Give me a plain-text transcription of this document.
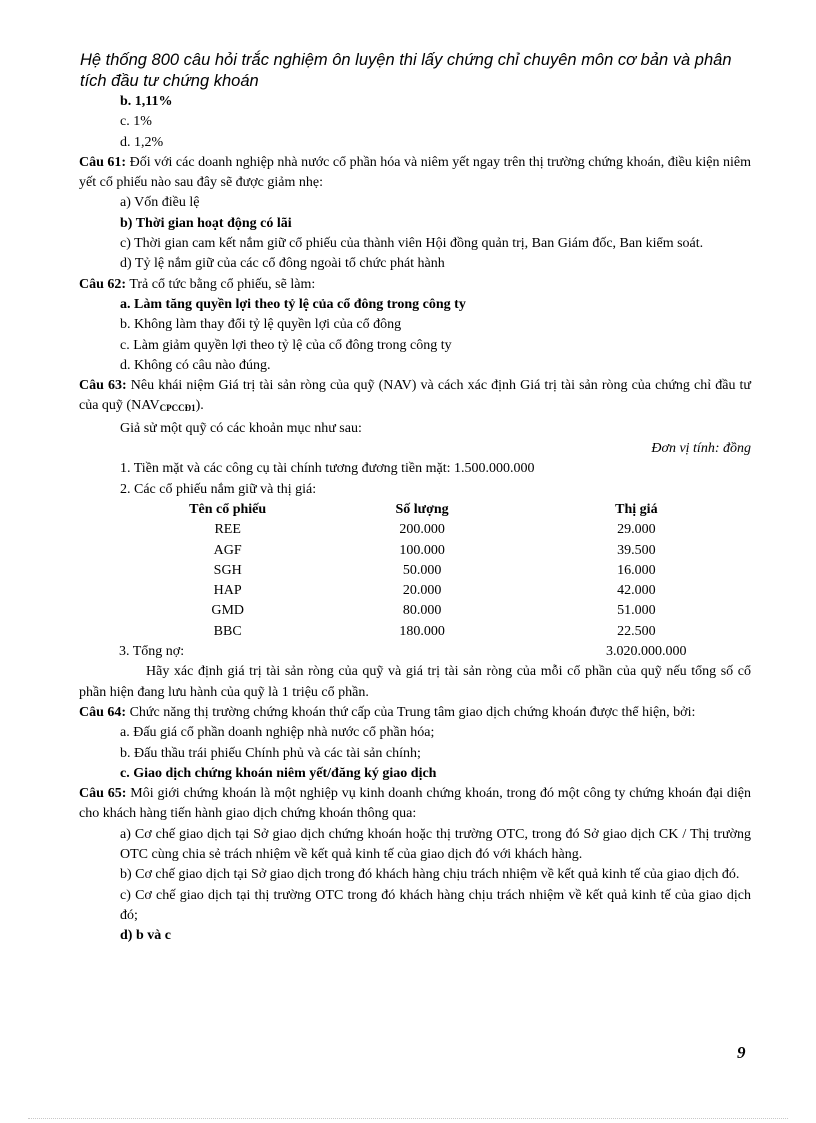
Hệ thống 800 câu hỏi trắc nghiệm ôn luyện thi lấy chứng chỉ chuyên môn cơ bản và phân tích đầu tư chứng khoán
b. 1,11%
c. 1%
d. 1,2%
Câu 61: Đối với các doanh nghiệp nhà nước cổ phần hóa và niêm yết ngay trên thị trường chứng khoán, điều kiện niêm yết cổ phiếu nào sau đây sẽ được giảm nhẹ:
a) Vốn điều lệ
b) Thời gian hoạt động có lãi
c) Thời gian cam kết nắm giữ cổ phiếu của thành viên Hội đồng quản trị, Ban Giám đốc, Ban kiểm soát.
d) Tỷ lệ nắm giữ của các cổ đông ngoài tổ chức phát hành
Câu 62: Trả cổ tức bằng cổ phiếu, sẽ làm:
a. Làm tăng quyền lợi theo tỷ lệ của cổ đông trong công ty
b. Không làm thay đổi tỷ lệ quyền lợi của cổ đông
c. Làm giảm quyền lợi theo tỷ lệ của cổ đông trong công ty
d. Không có câu nào đúng.
Câu 63: Nêu khái niệm Giá trị tài sản ròng của quỹ (NAV) và cách xác định Giá trị tài sản ròng của chứng chỉ đầu tư của quỹ $(NAV_{CPCCĐ1})$.
Giả sử một quỹ có các khoản mục như sau:
Đơn vị tính: đồng
1. Tiền mặt và các công cụ tài chính tương đương tiền mặt: 1.500.000.000
2. Các cổ phiếu nắm giữ và thị giá:
Tên cổ phiếu	Số lượng	Thị giá
REE	200.000	29.000
AGF	100.000	39.500
SGH	50.000	16.000
HAP	20.000	42.000
GMD	80.000	51.000
BBC	180.000	22.500
3. Tổng nợ:	3.020.000.000
Hãy xác định giá trị tài sản ròng của quỹ và giá trị tài sản ròng của mỗi cổ phần của quỹ nếu tổng số cổ phần hiện đang lưu hành của quỹ là 1 triệu cổ phần.
Câu 64: Chức năng thị trường chứng khoán thứ cấp của Trung tâm giao dịch chứng khoán được thể hiện, bởi:
a. Đấu giá cổ phần doanh nghiệp nhà nước cổ phần hóa;
b. Đấu thầu trái phiếu Chính phủ và các tài sản chính;
c. Giao dịch chứng khoán niêm yết/đăng ký giao dịch
Câu 65: Môi giới chứng khoán là một nghiệp vụ kinh doanh chứng khoán, trong đó một công ty chứng khoán đại diện cho khách hàng tiến hành giao dịch chứng khoán thông qua:
a) Cơ chế giao dịch tại Sở giao dịch chứng khoán hoặc thị trường OTC, trong đó Sở giao dịch CK / Thị trường OTC cùng chia sẻ trách nhiệm về kết quả kinh tế của giao dịch đó với khách hàng.
b) Cơ chế giao dịch tại Sở giao dịch trong đó khách hàng chịu trách nhiệm về kết quả kinh tế của giao dịch đó.
c) Cơ chế giao dịch tại thị trường OTC trong đó khách hàng chịu trách nhiệm về kết quả kinh tế của giao dịch đó;
d) b và c
9
